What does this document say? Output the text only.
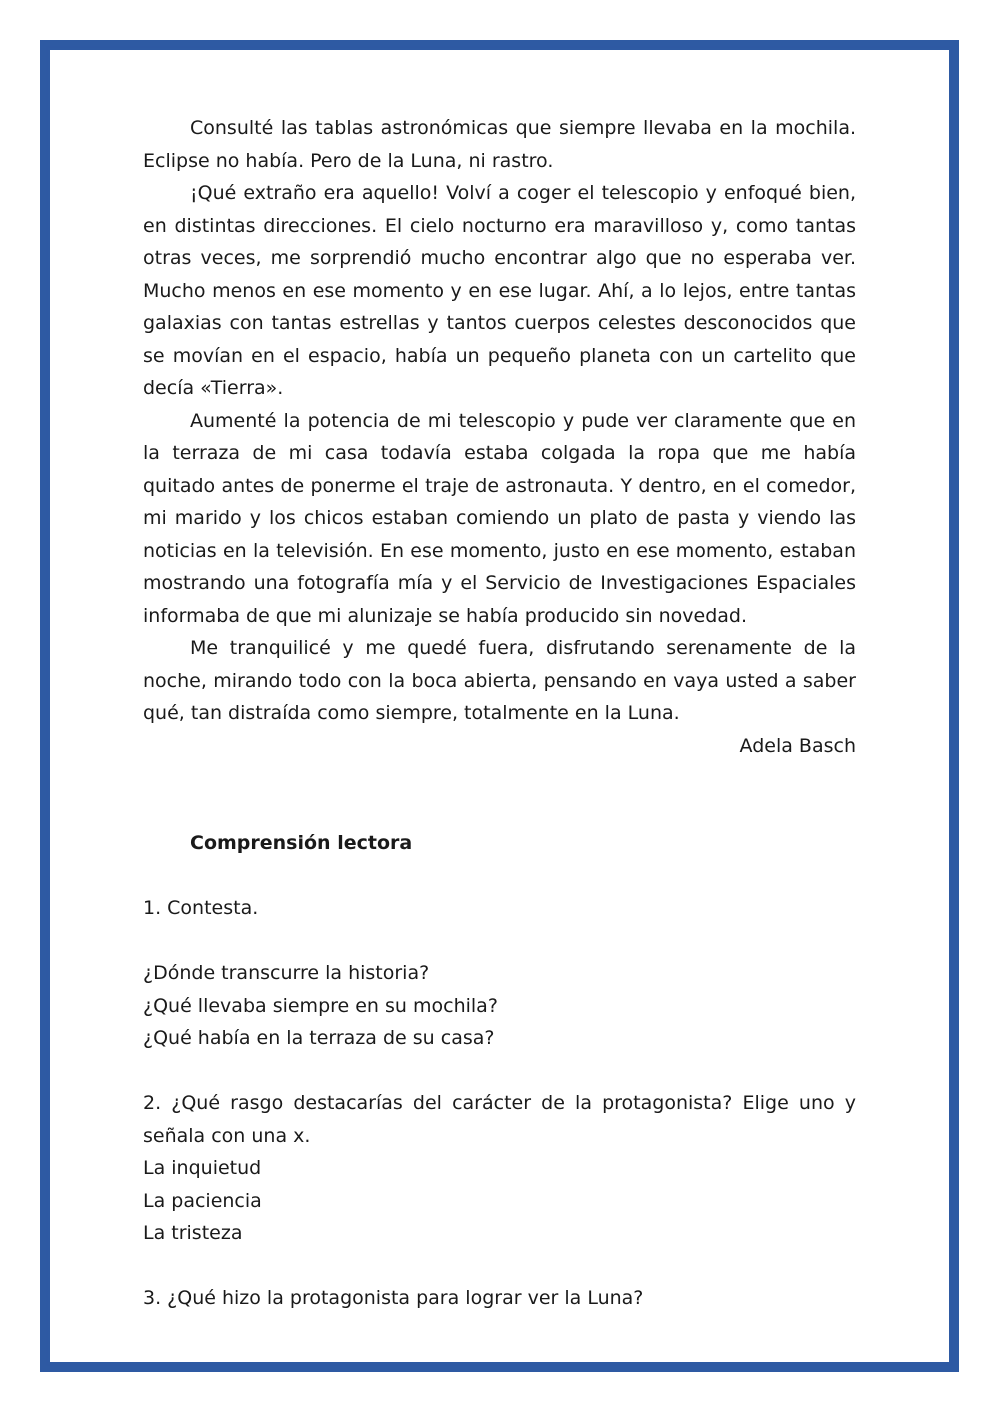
Consulté las tablas astronómicas que siempre llevaba en la mochila. Eclipse no había. Pero de la Luna, ni rastro.

¡Qué extraño era aquello! Volví a coger el telescopio y enfoqué bien, en distintas direcciones. El cielo nocturno era maravilloso y, como tantas otras veces, me sorprendió mucho encontrar algo que no esperaba ver. Mucho menos en ese momento y en ese lugar. Ahí, a lo lejos, entre tantas galaxias con tantas estrellas y tantos cuerpos celestes desconocidos que se movían en el espacio, había un pequeño planeta con un cartelito que decía «Tierra».

Aumenté la potencia de mi telescopio y pude ver claramente que en la terraza de mi casa todavía estaba colgada la ropa que me había quitado antes de ponerme el traje de astronauta. Y dentro, en el comedor, mi marido y los chicos estaban comiendo un plato de pasta y viendo las noticias en la televisión. En ese momento, justo en ese momento, estaban mostrando una fotografía mía y el Servicio de Investigaciones Espaciales informaba de que mi alunizaje se había producido sin novedad.

Me tranquilicé y me quedé fuera, disfrutando serenamente de la noche, mirando todo con la boca abierta, pensando en vaya usted a saber qué, tan distraída como siempre, totalmente en la Luna.

Adela Basch

Comprensión lectora

1. Contesta.

¿Dónde transcurre la historia?

¿Qué llevaba siempre en su mochila?

¿Qué había en la terraza de su casa?

2. ¿Qué rasgo destacarías del carácter de la protagonista? Elige uno y señala con una x.

La inquietud

La paciencia

La tristeza

3. ¿Qué hizo la protagonista para lograr ver la Luna?
